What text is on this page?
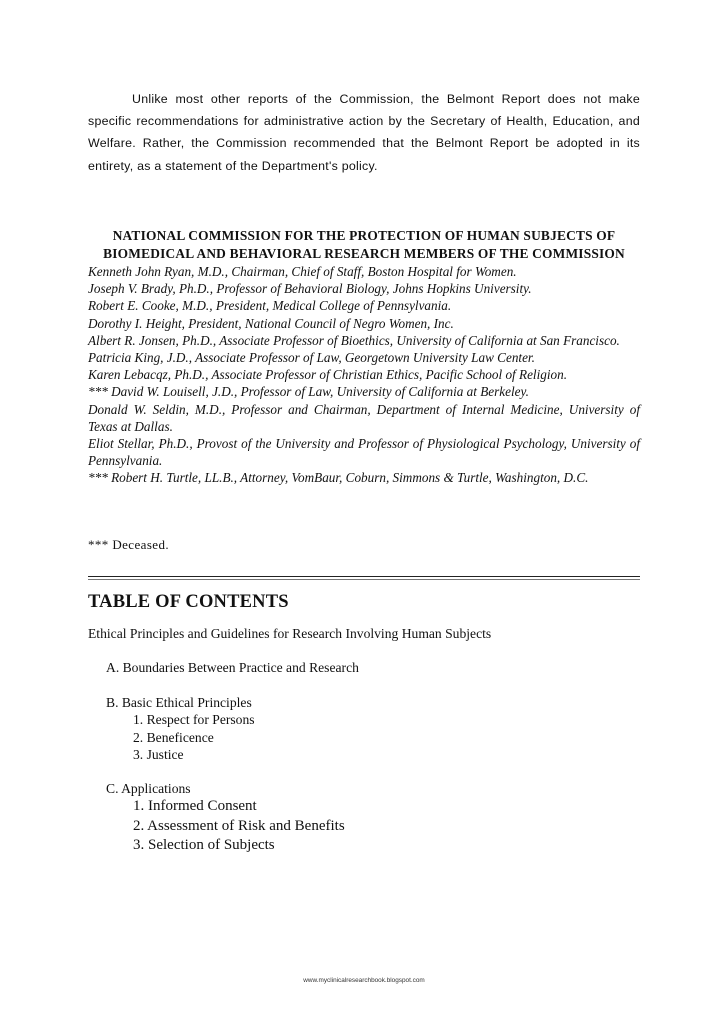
Unlike most other reports of the Commission, the Belmont Report does not make specific recommendations for administrative action by the Secretary of Health, Education, and Welfare. Rather, the Commission recommended that the Belmont Report be adopted in its entirety, as a statement of the Department's policy.

NATIONAL COMMISSION FOR THE PROTECTION OF HUMAN SUBJECTS OF
BIOMEDICAL AND BEHAVIORAL RESEARCH MEMBERS OF THE COMMISSION
Kenneth John Ryan, M.D., Chairman, Chief of Staff, Boston Hospital for Women.
Joseph V. Brady, Ph.D., Professor of Behavioral Biology, Johns Hopkins University.
Robert E. Cooke, M.D., President, Medical College of Pennsylvania.
Dorothy I. Height, President, National Council of Negro Women, Inc.
Albert R. Jonsen, Ph.D., Associate Professor of Bioethics, University of California at San Francisco.
Patricia King, J.D., Associate Professor of Law, Georgetown University Law Center.
Karen Lebacqz, Ph.D., Associate Professor of Christian Ethics, Pacific School of Religion.
*** David W. Louisell, J.D., Professor of Law, University of California at Berkeley.
Donald W. Seldin, M.D., Professor and Chairman, Department of Internal Medicine, University of Texas at Dallas.
Eliot Stellar, Ph.D., Provost of the University and Professor of Physiological Psychology, University of Pennsylvania.
*** Robert H. Turtle, LL.B., Attorney, VomBaur, Coburn, Simmons & Turtle, Washington, D.C.

*** Deceased.

TABLE OF CONTENTS

Ethical Principles and Guidelines for Research Involving Human Subjects

A. Boundaries Between Practice and Research

B. Basic Ethical Principles

1. Respect for Persons

2. Beneficence

3. Justice

C. Applications

1. Informed Consent

2. Assessment of Risk and Benefits

3. Selection of Subjects

www.myclinicalresearchbook.blogspot.com
